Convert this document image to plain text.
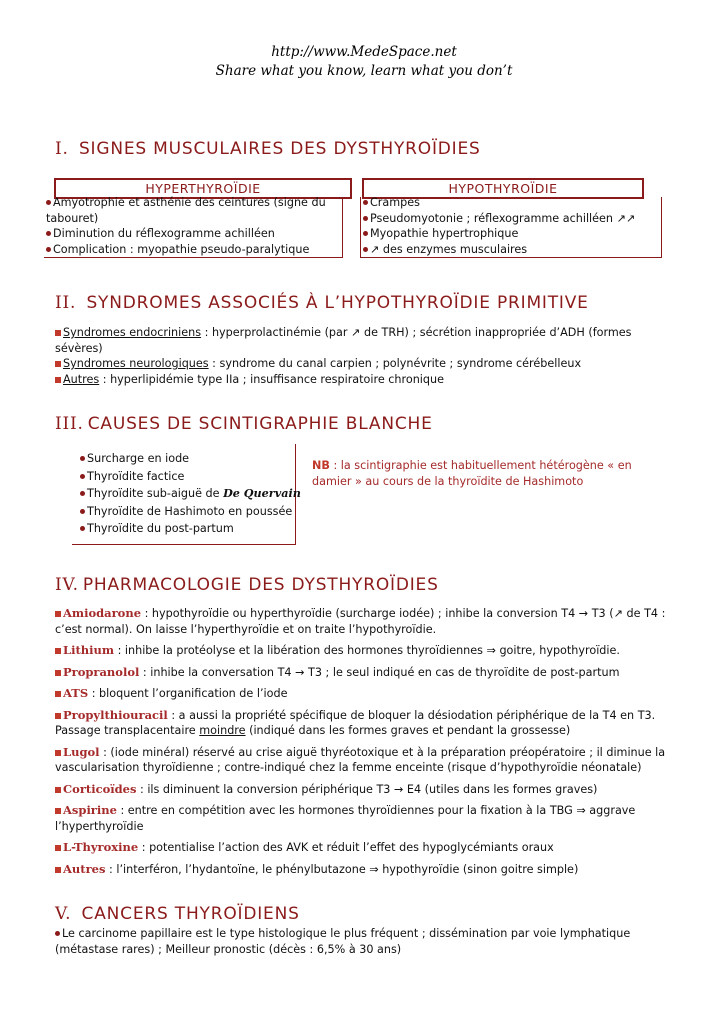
http://www.MedeSpace.net
Share what you know, learn what you don’t
I. SIGNES MUSCULAIRES DES DYSTHYROÏDIES
HYPERTHYROÏDIE	HYPOTHYROÏDIE
Amyotrophie et asthénie des ceintures (signe du
tabouret)
Diminution du réflexogramme achilléen
Complication : myopathie pseudo-paralytique
Crampes
Pseudomyotonie ; réflexogramme achilléen ↗↗
Myopathie hypertrophique
↗ des enzymes musculaires
II. SYNDROMES ASSOCIÉS À L’HYPOTHYROÏDIE PRIMITIVE
Syndromes endocriniens : hyperprolactinémie (par ↗ de TRH) ; sécrétion inappropriée d’ADH (formes
sévères)
Syndromes neurologiques : syndrome du canal carpien ; polynévrite ; syndrome cérébelleux
Autres : hyperlipidémie type IIa ; insuffisance respiratoire chronique
III. CAUSES DE SCINTIGRAPHIE BLANCHE
Surcharge en iode
Thyroïdite factice
Thyroïdite sub-aiguë de De Quervain
Thyroïdite de Hashimoto en poussée
Thyroïdite du post-partum
NB : la scintigraphie est habituellement hétérogène « en
damier » au cours de la thyroïdite de Hashimoto
IV. PHARMACOLOGIE DES DYSTHYROÏDIES
Amiodarone : hypothyroïdie ou hyperthyroïdie (surcharge iodée) ; inhibe la conversion T4 → T3 (↗ de T4 :
c’est normal). On laisse l’hyperthyroïdie et on traite l’hypothyroïdie.
Lithium : inhibe la protéolyse et la libération des hormones thyroïdiennes ⇒ goitre, hypothyroïdie.
Propranolol : inhibe la conversation T4 → T3 ; le seul indiqué en cas de thyroïdite de post-partum
ATS : bloquent l’organification de l’iode
Propylthiouracil : a aussi la propriété spécifique de bloquer la désiodation périphérique de la T4 en T3.
Passage transplacentaire moindre (indiqué dans les formes graves et pendant la grossesse)
Lugol : (iode minéral) réservé au crise aiguë thyréotoxique et à la préparation préopératoire ; il diminue la
vascularisation thyroïdienne ; contre-indiqué chez la femme enceinte (risque d’hypothyroïdie néonatale)
Corticoïdes : ils diminuent la conversion périphérique T3 → E4 (utiles dans les formes graves)
Aspirine : entre en compétition avec les hormones thyroïdiennes pour la fixation à la TBG ⇒ aggrave
l’hyperthyroïdie
L-Thyroxine : potentialise l’action des AVK et réduit l’effet des hypoglycémiants oraux
Autres : l’interféron, l’hydantoïne, le phénylbutazone ⇒ hypothyroïdie (sinon goitre simple)
V. CANCERS THYROÏDIENS
Le carcinome papillaire est le type histologique le plus fréquent ; dissémination par voie lymphatique
(métastase rares) ; Meilleur pronostic (décès : 6,5% à 30 ans)
